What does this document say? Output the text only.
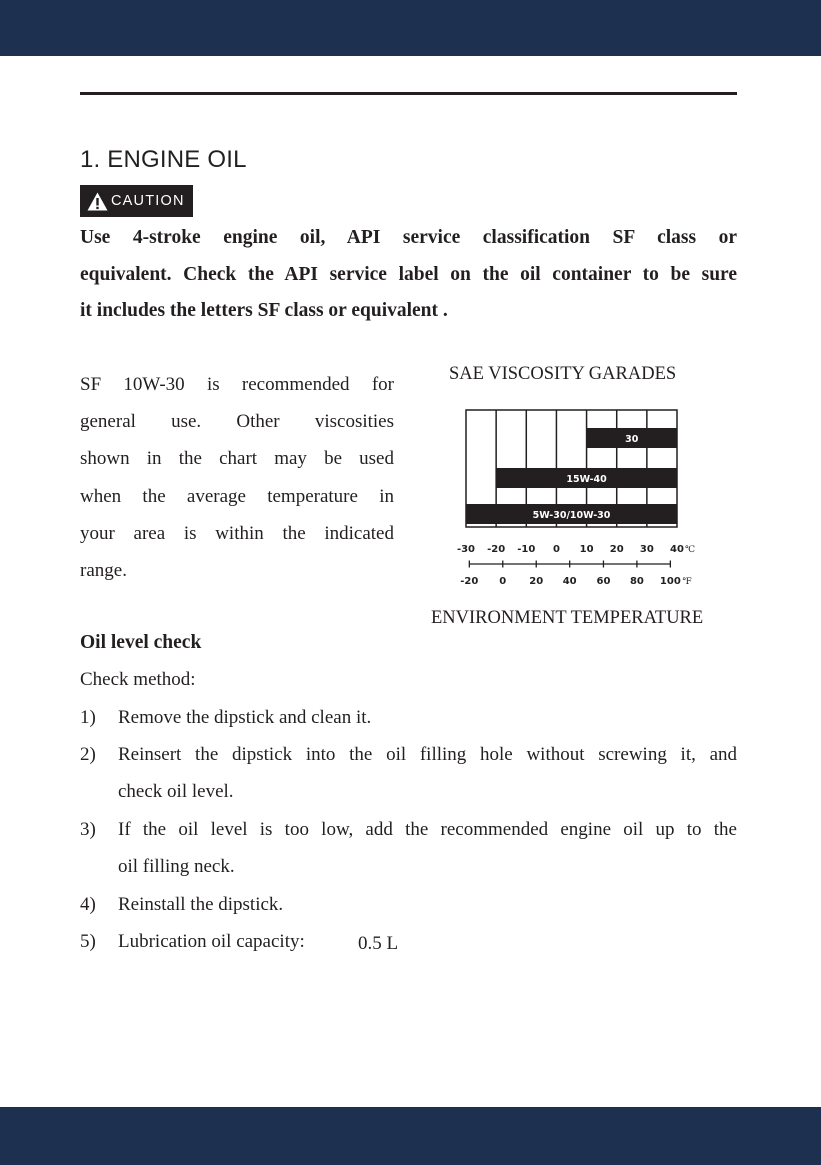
1. ENGINE OIL
CAUTION
Use 4-stroke engine oil, API service classification SF class or
equivalent. Check the API service label on the oil container to be sure
it includes the letters SF class or equivalent .
SF 10W-30 is recommended for
general use. Other viscosities
shown in the chart may be used
when the average temperature in
your area is within the indicated
range.
SAE VISCOSITY GARADES
30
15W-40
5W-30/10W-30
-30 -20 -10 0 10 20 30 40 ℃
-20 0 20 40 60 80 100 ℉
ENVIRONMENT TEMPERATURE
Oil level check
Check method:
1) Remove the dipstick and clean it.
2) Reinsert the dipstick into the oil filling hole without screwing it, and
check oil level.
3) If the oil level is too low, add the recommended engine oil up to the
oil filling neck.
4) Reinstall the dipstick.
5) Lubrication oil capacity:	0.5 L
